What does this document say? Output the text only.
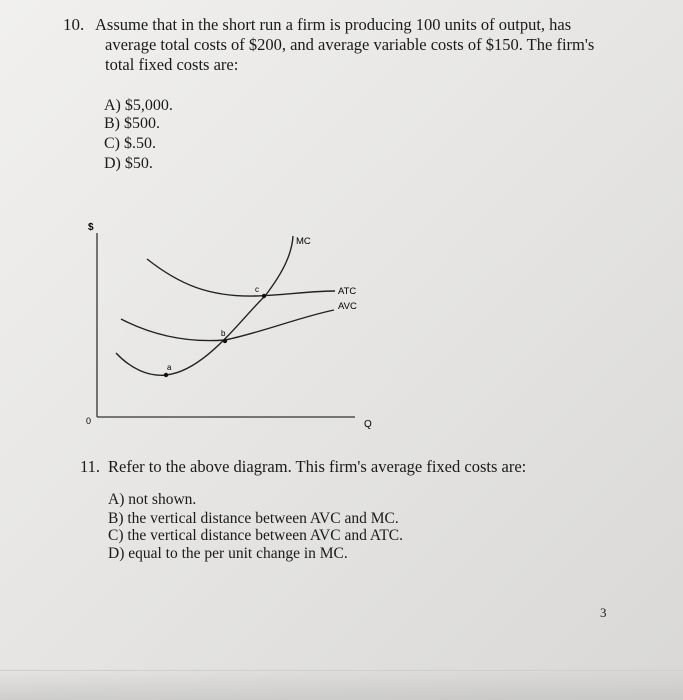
10. Assume that in the short run a firm is producing 100 units of output, has
average total costs of $200, and average variable costs of $150. The firm's
total fixed costs are:
A) $5,000.
B) $500.
C) $.50.
D) $50.
$
0	Q
a
b
c
MC
ATC
AVC
11. Refer to the above diagram. This firm's average fixed costs are:
A) not shown.
B) the vertical distance between AVC and MC.
C) the vertical distance between AVC and ATC.
D) equal to the per unit change in MC.
3
